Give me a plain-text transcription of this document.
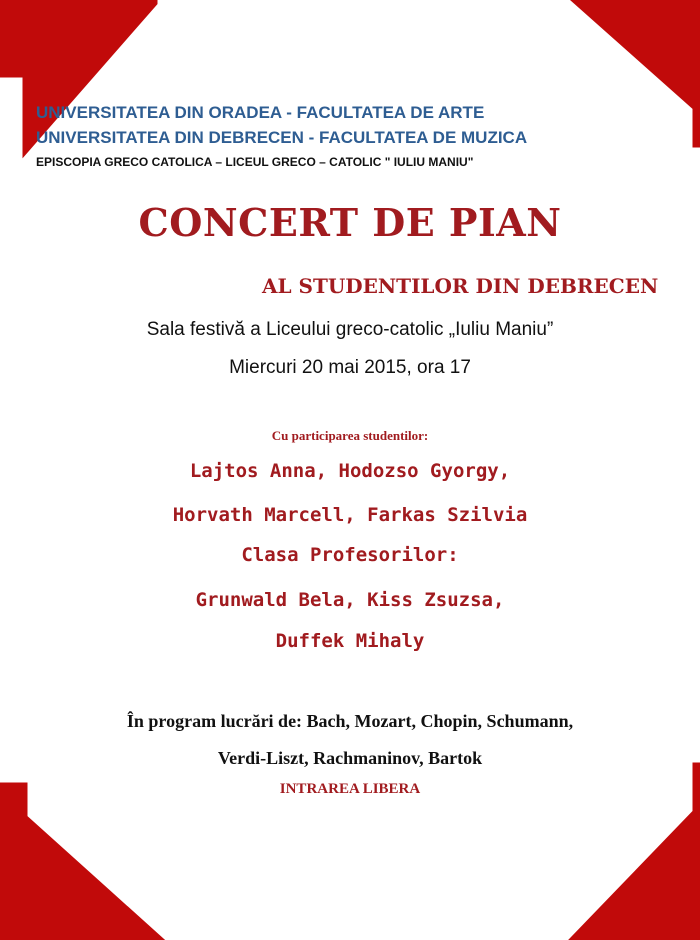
UNIVERSITATEA DIN ORADEA - FACULTATEA DE ARTE
UNIVERSITATEA DIN DEBRECEN - FACULTATEA DE MUZICA
EPISCOPIA GRECO CATOLICA – LICEUL GRECO – CATOLIC " IULIU MANIU"
CONCERT DE PIAN
AL STUDENTILOR DIN DEBRECEN
Sala festivă a Liceului greco-catolic „Iuliu Maniu”
Miercuri 20 mai 2015, ora 17
Cu participarea studentilor:
Lajtos Anna, Hodozso Gyorgy,
Horvath Marcell, Farkas Szilvia
Clasa Profesorilor:
Grunwald Bela, Kiss Zsuzsa,
Duffek Mihaly
În program lucrări de: Bach, Mozart, Chopin, Schumann,
Verdi-Liszt, Rachmaninov, Bartok
INTRAREA LIBERA
